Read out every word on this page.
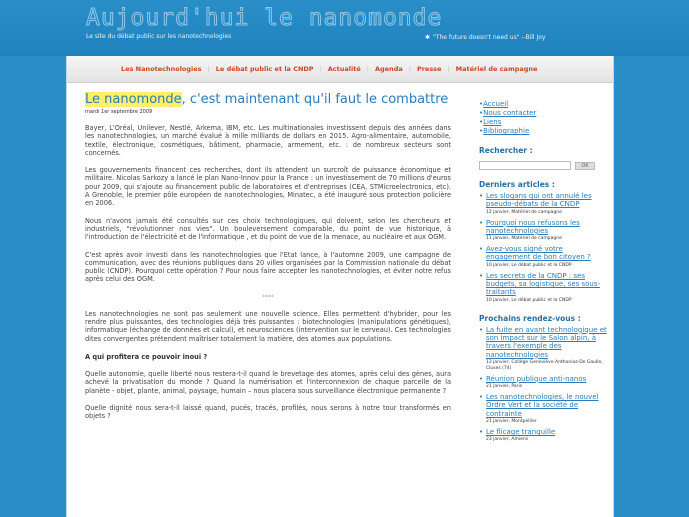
Aujourd'hui le nanomonde
Le site du débat public sur les nanotechnologies	✱ "The future doesn't need us" --Bill Joy
Les Nanotechnologies | Le débat public et la CNDP | Actualité | Agenda | Presse | Matériel de campagne
Le nanomonde, c'est maintenant qu'il faut le combattre
mardi 1er septembre 2009

Bayer, L'Oréal, Unilever, Nestlé, Arkema, IBM, etc. Les multinationales investissent depuis des années dans les nanotechnologies, un marché évalué à mille milliards de dollars en 2015. Agro-alimentaire, automobile, textile, électronique, cosmétiques, bâtiment, pharmacie, armement, etc. : de nombreux secteurs sont concernés.

Les gouvernements financent ces recherches, dont ils attendent un surcroît de puissance économique et militaire. Nicolas Sarkozy a lancé le plan Nano-Innov pour la France : un investissement de 70 millions d'euros pour 2009, qui s'ajoute au financement public de laboratoires et d'entreprises (CEA, STMicroelectronics, etc). A Grenoble, le premier pôle européen de nanotechnologies, Minatec, a été inauguré sous protection policière en 2006.

Nous n'avons jamais été consultés sur ces choix technologiques, qui doivent, selon les chercheurs et industriels, "révolutionner nos vies". Un bouleversement comparable, du point de vue historique, à l'introduction de l'électricité et de l'informatique , et du point de vue de la menace, au nucléaire et aux OGM.

C'est après avoir investi dans les nanotechnologies que l'Etat lance, à l'automne 2009, une campagne de communication, avec des réunions publiques dans 20 villes organisées par la Commission nationale du débat public (CNDP). Pourquoi cette opération ? Pour nous faire accepter les nanotechnologies, et éviter notre refus après celui des OGM.

****

Les nanotechnologies ne sont pas seulement une nouvelle science. Elles permettent d'hybrider, pour les rendre plus puissantes, des technologies déjà très puissantes : biotechnologies (manipulations génétiques), informatique (échange de données et calcul), et neurosciences (intervention sur le cerveau). Ces technologies dites convergentes prétendent maîtriser totalement la matière, des atomes aux populations.

A qui profitera ce pouvoir inouï ?

Quelle autonomie, quelle liberté nous restera-t-il quand le brevetage des atomes, après celui des gènes, aura achevé la privatisation du monde ? Quand la numérisation et l'interconnexion de chaque parcelle de la planète - objet, plante, animal, paysage, humain – nous placera sous surveillance électronique permanente ?

Quelle dignité nous sera-t-il laissé quand, pucés, tracés, profilés, nous serons à notre tour transformés en objets ?

• Accueil
• Nous contacter
• Liens
• Bibliographie
Rechercher :
OK
Derniers articles :
• Les slogans qui ont annulé les pseudo-débats de la CNDP
12 janvier, Matériel de campagne
• Pourquoi nous refusons les nanotechnologies
11 janvier, Matériel de campagne
• Avez-vous signé votre engagement de bon citoyen ?
10 janvier, Le débat public et la CNDP
• Les secrets de la CNDP : ses budgets, sa logistique, ses sous-traitants
10 janvier, Le débat public et la CNDP
Prochains rendez-vous :
• La fuite en avant technologique et son impact sur le Salon alpin, à travers l'exemple des nanotechnologies
13 janvier, Collège Geneviève Anthonioz-De Gaulle, Cluses (74)
• Réunion publique anti-nanos
21 janvier, Paris
• Les nanotechnologies, le nouvel Ordre Vert et la société de contrainte
21 janvier, Montpellier
• Le flicage tranquille
23 janvier, Amiens
